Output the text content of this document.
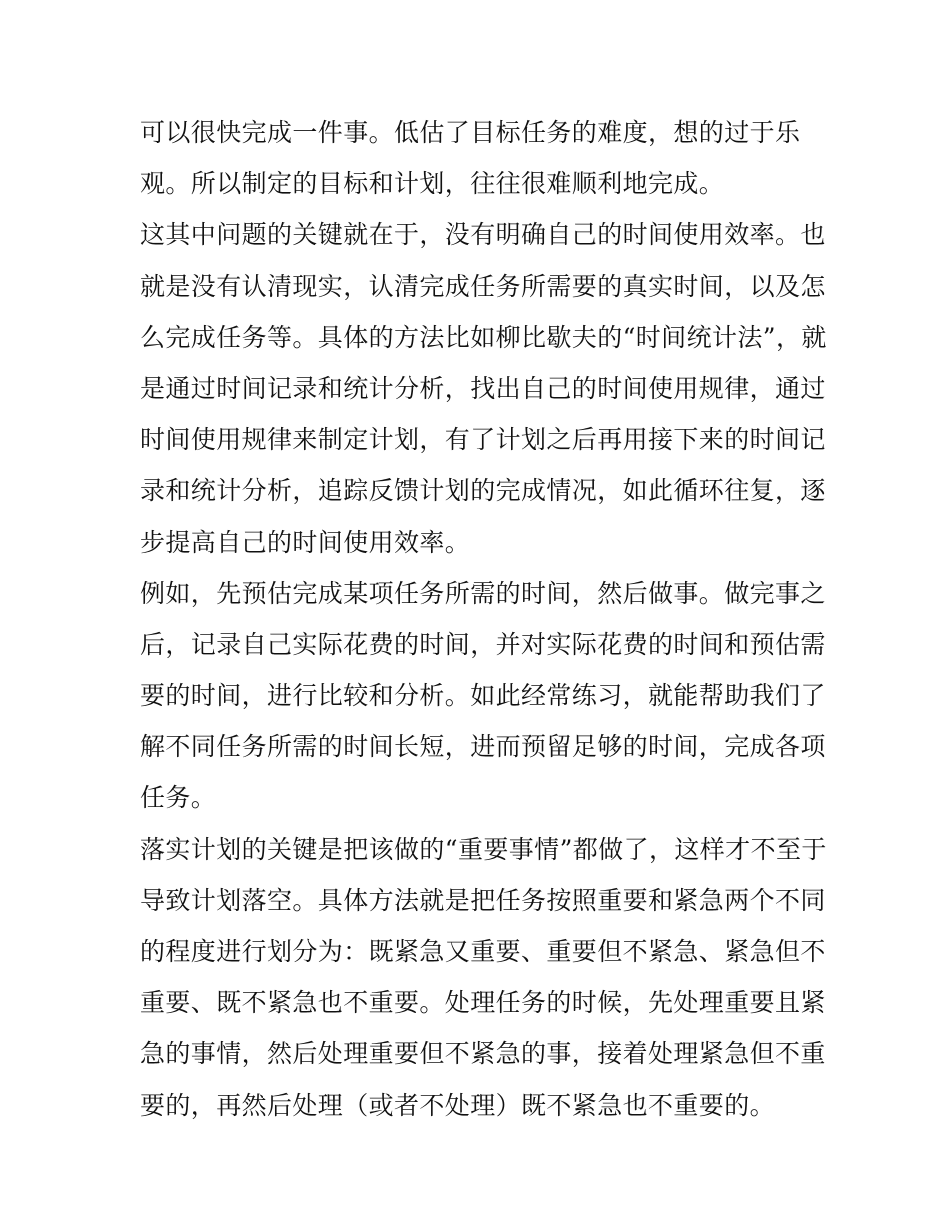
可以很快完成一件事。低估了目标任务的难度，想的过于乐
观。所以制定的目标和计划，往往很难顺利地完成。
这其中问题的关键就在于，没有明确自己的时间使用效率。也
就是没有认清现实，认清完成任务所需要的真实时间，以及怎
么完成任务等。具体的方法比如柳比歇夫的“时间统计法”，就
是通过时间记录和统计分析，找出自己的时间使用规律，通过
时间使用规律来制定计划，有了计划之后再用接下来的时间记
录和统计分析，追踪反馈计划的完成情况，如此循环往复，逐
步提高自己的时间使用效率。
例如，先预估完成某项任务所需的时间，然后做事。做完事之
后，记录自己实际花费的时间，并对实际花费的时间和预估需
要的时间，进行比较和分析。如此经常练习，就能帮助我们了
解不同任务所需的时间长短，进而预留足够的时间，完成各项
任务。
落实计划的关键是把该做的“重要事情”都做了，这样才不至于
导致计划落空。具体方法就是把任务按照重要和紧急两个不同
的程度进行划分为：既紧急又重要、重要但不紧急、紧急但不
重要、既不紧急也不重要。处理任务的时候，先处理重要且紧
急的事情，然后处理重要但不紧急的事，接着处理紧急但不重
要的，再然后处理（或者不处理）既不紧急也不重要的。
